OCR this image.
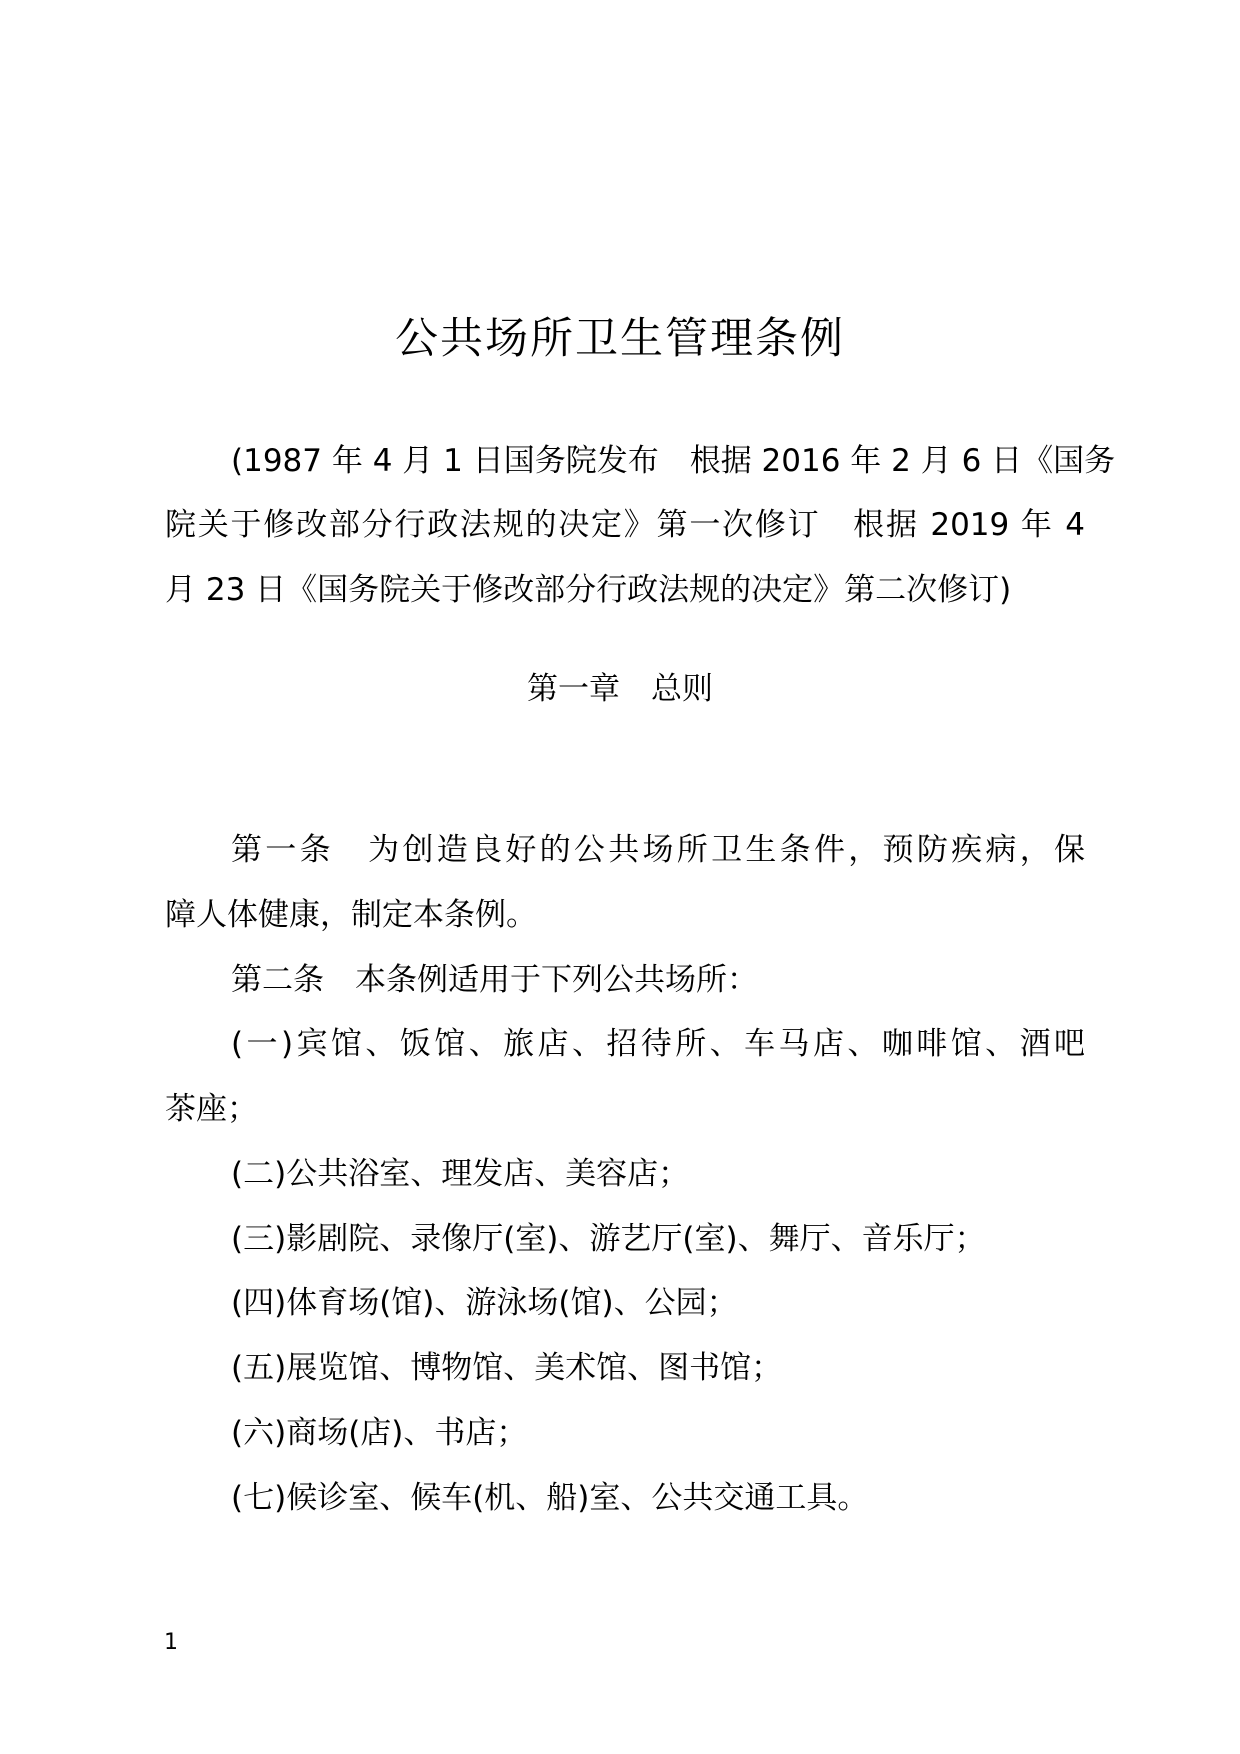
公共场所卫生管理条例
(1987 年 4 月 1 日国务院发布　根据 2016 年 2 月 6 日《国务
院关于修改部分行政法规的决定》第一次修订　根据 2019 年 4
月 23 日《国务院关于修改部分行政法规的决定》第二次修订)
第一章　总则
第一条　为创造良好的公共场所卫生条件，预防疾病，保
障人体健康，制定本条例。
第二条　本条例适用于下列公共场所：
(一)宾馆、饭馆、旅店、招待所、车马店、咖啡馆、酒吧
茶座；
(二)公共浴室、理发店、美容店；
(三)影剧院、录像厅(室)、游艺厅(室)、舞厅、音乐厅；
(四)体育场(馆)、游泳场(馆)、公园；
(五)展览馆、博物馆、美术馆、图书馆；
(六)商场(店)、书店；
(七)候诊室、候车(机、船)室、公共交通工具。
1
